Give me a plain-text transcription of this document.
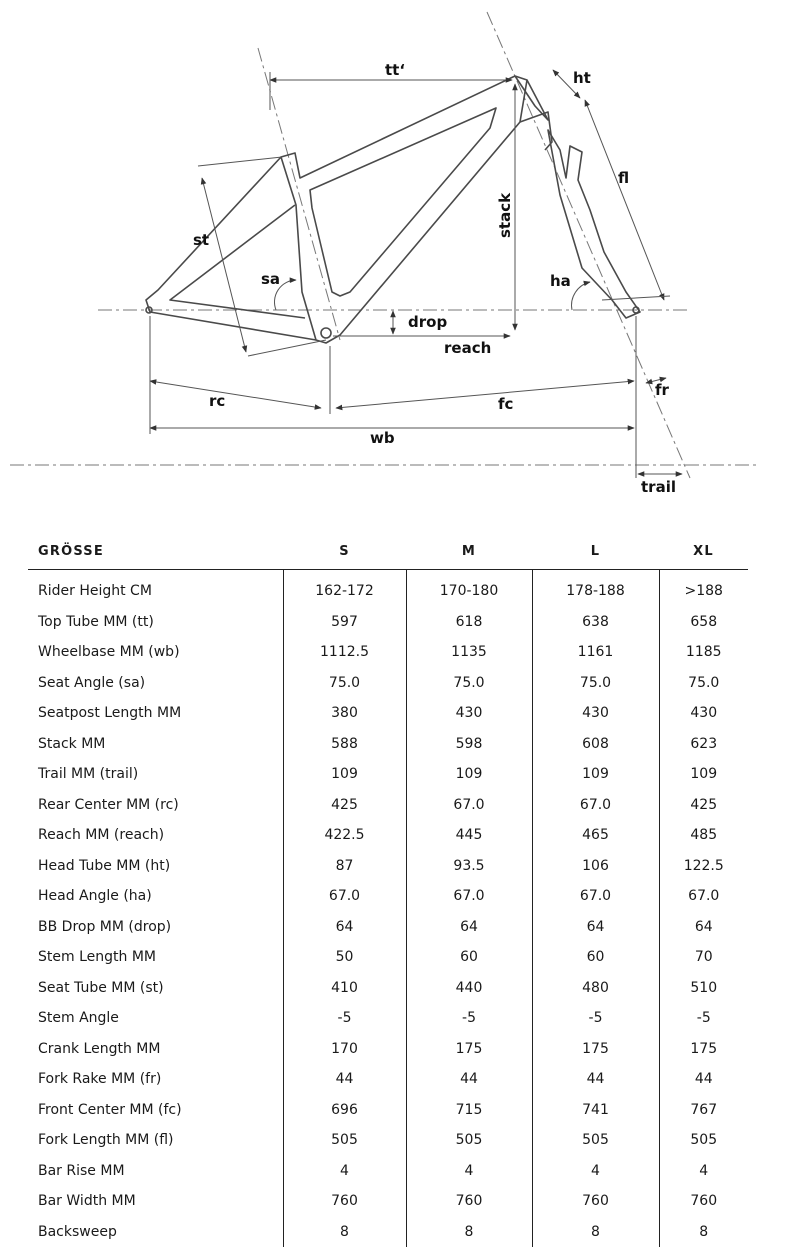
tt‘	ht
fl
st
stack
sa	ha
drop
reach
rc	fc
fr
wb
trail
GRÖSSE	S	M	L	XL
Rider Height CM	162-172	170-180	178-188	>188
Top Tube MM (tt)	597	618	638	658
Wheelbase MM (wb)	1112.5	1135	1161	1185
Seat Angle (sa)	75.0	75.0	75.0	75.0
Seatpost Length MM	380	430	430	430
Stack MM	588	598	608	623
Trail MM (trail)	109	109	109	109
Rear Center MM (rc)	425	67.0	67.0	425
Reach MM (reach)	422.5	445	465	485
Head Tube MM (ht)	87	93.5	106	122.5
Head Angle (ha)	67.0	67.0	67.0	67.0
BB Drop MM (drop)	64	64	64	64
Stem Length MM	50	60	60	70
Seat Tube MM (st)	410	440	480	510
Stem Angle	-5	-5	-5	-5
Crank Length MM	170	175	175	175
Fork Rake MM (fr)	44	44	44	44
Front Center MM (fc)	696	715	741	767
Fork Length MM (fl)	505	505	505	505
Bar Rise MM	4	4	4	4
Bar Width MM	760	760	760	760
Backsweep	8	8	8	8
